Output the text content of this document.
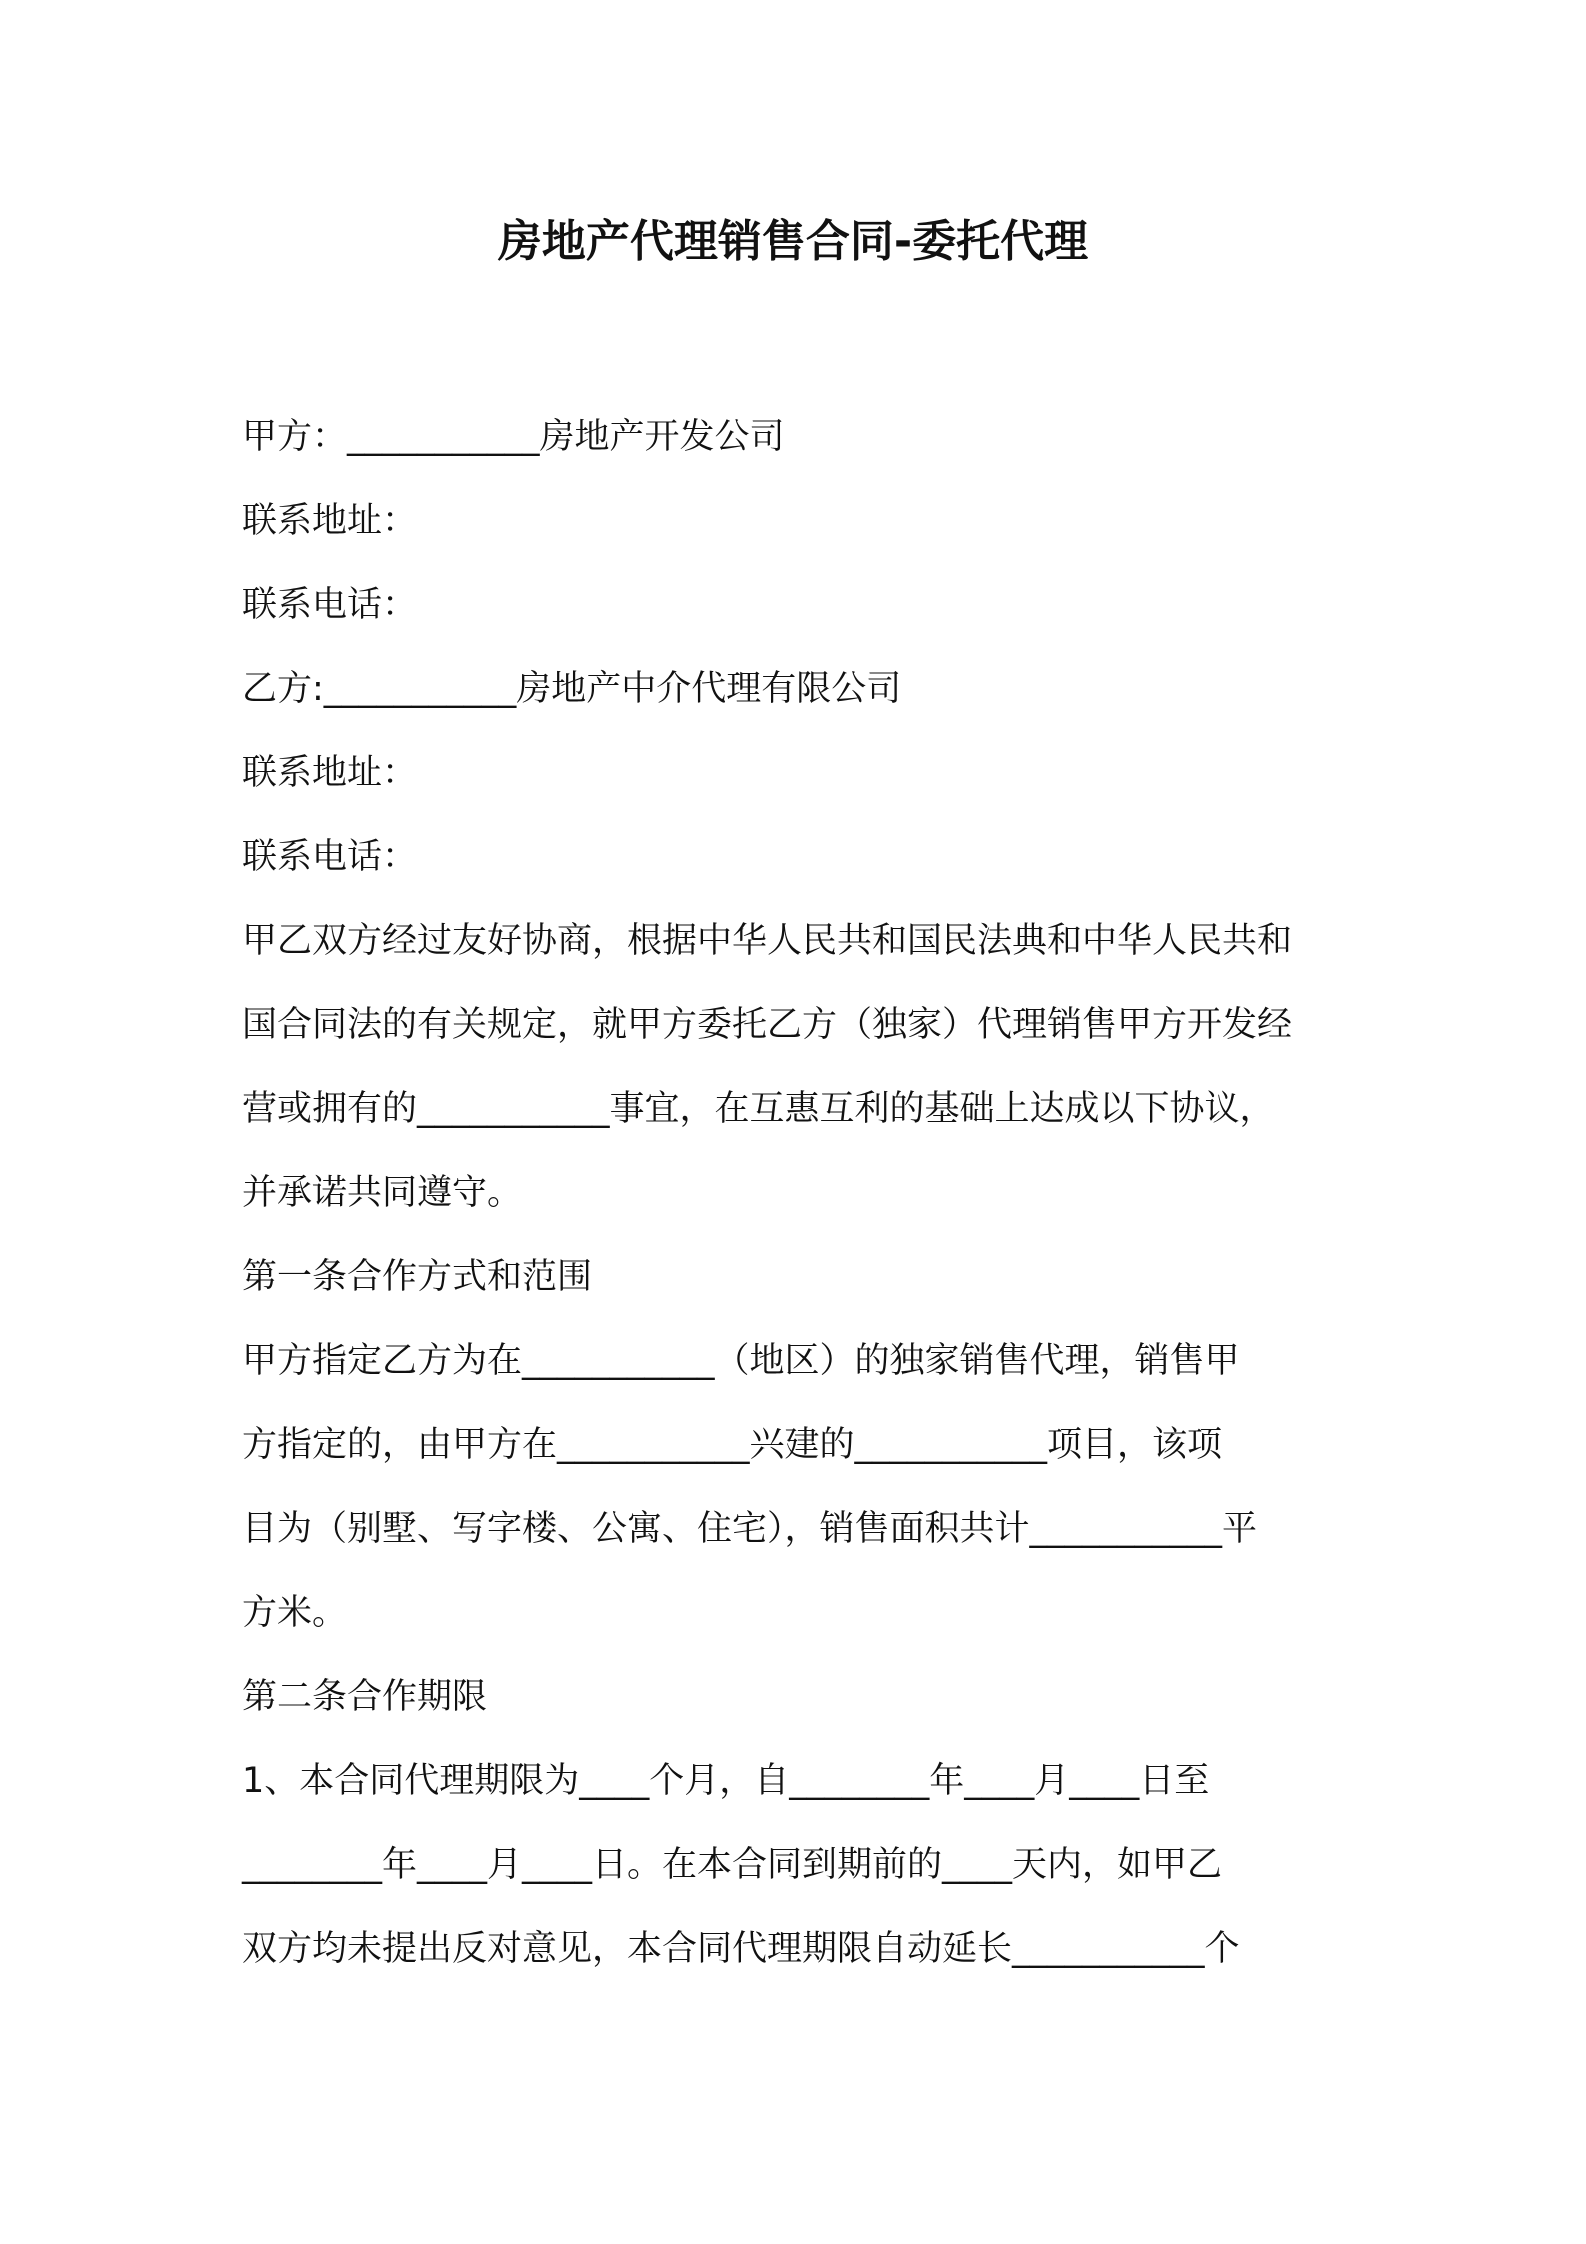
房地产代理销售合同-委托代理

甲方：___________房地产开发公司

联系地址：

联系电话：

乙方:___________房地产中介代理有限公司

联系地址：

联系电话：

甲乙双方经过友好协商，根据中华人民共和国民法典和中华人民共和

国合同法的有关规定，就甲方委托乙方（独家）代理销售甲方开发经

营或拥有的___________事宜，在互惠互利的基础上达成以下协议，

并承诺共同遵守。

第一条合作方式和范围

甲方指定乙方为在___________（地区）的独家销售代理，销售甲

方指定的，由甲方在___________兴建的___________项目，该项

目为（别墅、写字楼、公寓、住宅），销售面积共计___________平

方米。

第二条合作期限

1、本合同代理期限为____个月，自________年____月____日至

________年____月____日。在本合同到期前的____天内，如甲乙

双方均未提出反对意见，本合同代理期限自动延长___________个
